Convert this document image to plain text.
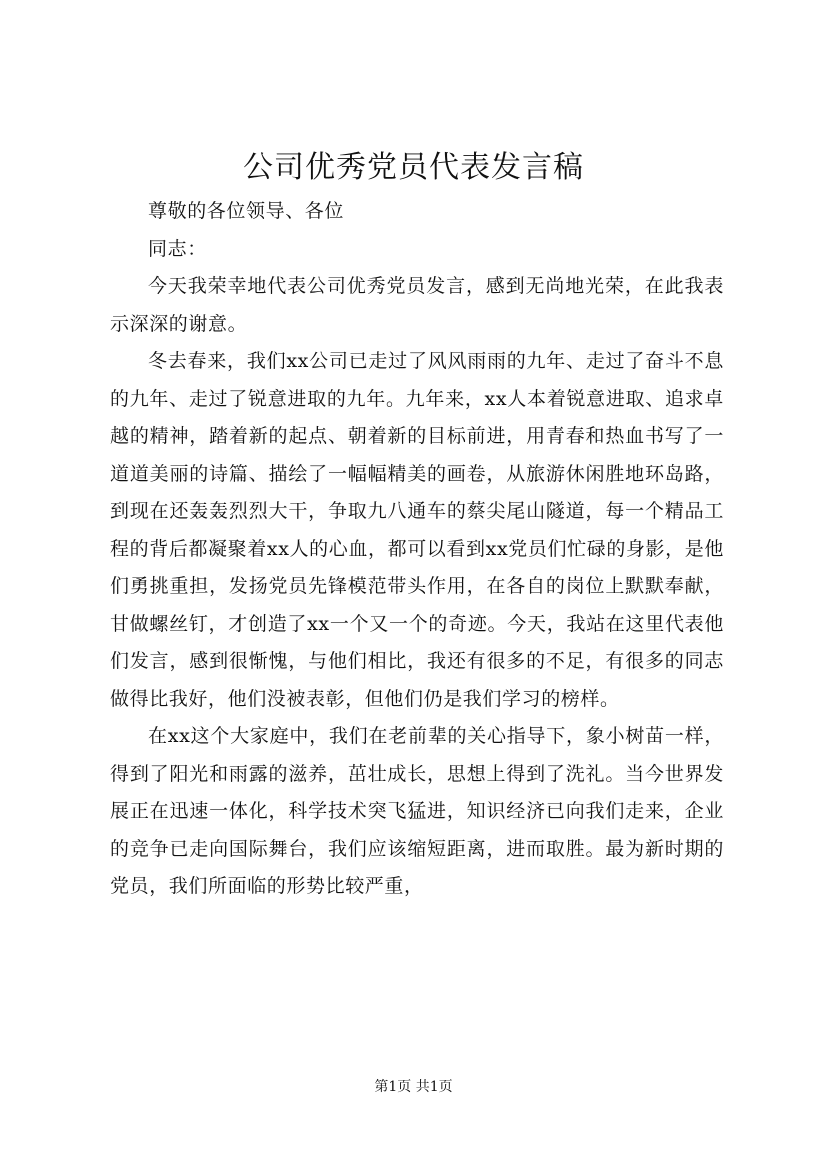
公司优秀党员代表发言稿

尊敬的各位领导、各位

同志：

今天我荣幸地代表公司优秀党员发言，感到无尚地光荣，在此我表示深深的谢意。

冬去春来，我们xx公司已走过了风风雨雨的九年、走过了奋斗不息的九年、走过了锐意进取的九年。九年来，xx人本着锐意进取、追求卓越的精神，踏着新的起点、朝着新的目标前进，用青春和热血书写了一道道美丽的诗篇、描绘了一幅幅精美的画卷，从旅游休闲胜地环岛路，到现在还轰轰烈烈大干，争取九八通车的蔡尖尾山隧道，每一个精品工程的背后都凝聚着xx人的心血，都可以看到xx党员们忙碌的身影，是他们勇挑重担，发扬党员先锋模范带头作用，在各自的岗位上默默奉献，甘做螺丝钉，才创造了xx一个又一个的奇迹。今天，我站在这里代表他们发言，感到很惭愧，与他们相比，我还有很多的不足，有很多的同志做得比我好，他们没被表彰，但他们仍是我们学习的榜样。

在xx这个大家庭中，我们在老前辈的关心指导下，象小树苗一样，得到了阳光和雨露的滋养，茁壮成长，思想上得到了洗礼。当今世界发展正在迅速一体化，科学技术突飞猛进，知识经济已向我们走来，企业的竞争已走向国际舞台，我们应该缩短距离，进而取胜。最为新时期的党员，我们所面临的形势比较严重，

第1页 共1页
